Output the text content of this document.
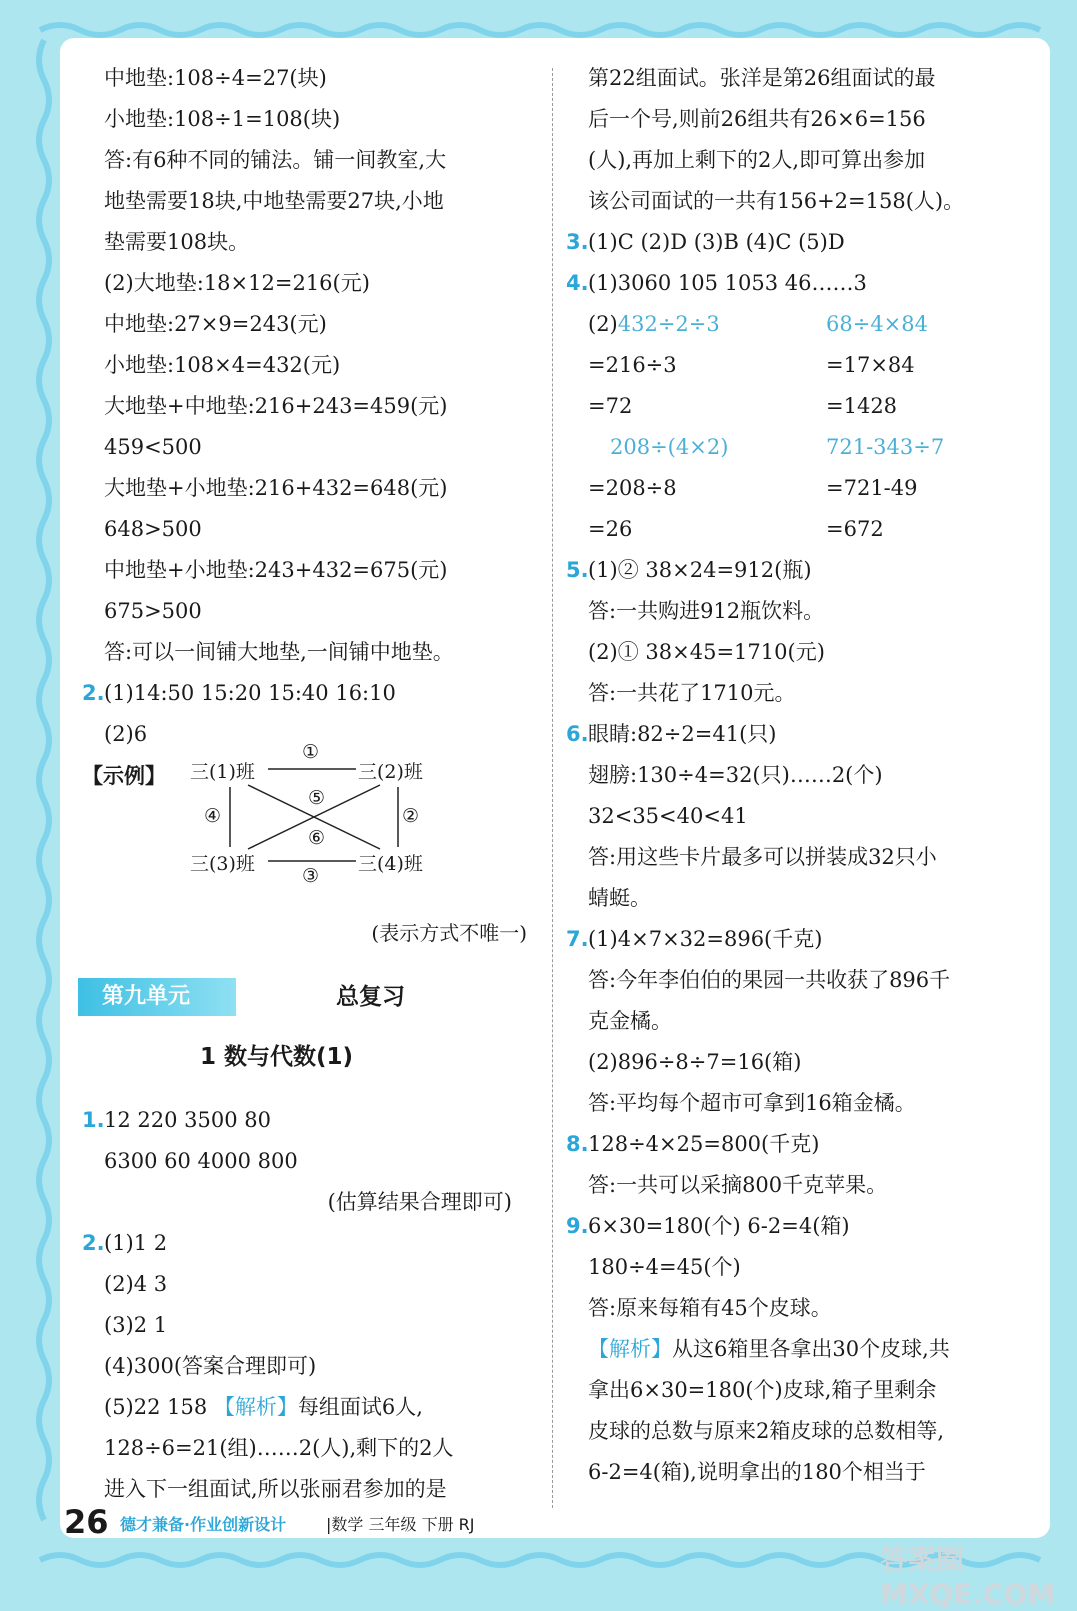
中地垫:108÷4=27(块)
小地垫:108÷1=108(块)
答:有6种不同的铺法。铺一间教室,大
地垫需要18块,中地垫需要27块,小地
垫需要108块。
(2)大地垫:18×12=216(元)
中地垫:27×9=243(元)
小地垫:108×4=432(元)
大地垫+中地垫:216+243=459(元)
459<500
大地垫+小地垫:216+432=648(元)
648>500
中地垫+小地垫:243+432=675(元)
675>500
答:可以一间铺大地垫,一间铺中地垫。
2.(1)14:50 15:20 15:40 16:10
(2)6
【示例】	三(1)班	三(2)班
三(3)班	三(4)班
①
②
③
④
⑤
⑥
(表示方式不唯一)
第九单元	总复习
1 数与代数(1)
1.12 220 3500 80
6300 60 4000 800
(估算结果合理即可)
2.(1)1 2
(2)4 3
(3)2 1
(4)300(答案合理即可)
(5)22 158 【解析】每组面试6人,
128÷6=21(组)……2(人),剩下的2人
进入下一组面试,所以张丽君参加的是
第22组面试。张洋是第26组面试的最
后一个号,则前26组共有26×6=156
(人),再加上剩下的2人,即可算出参加
该公司面试的一共有156+2=158(人)。
3.(1)C (2)D (3)B (4)C (5)D
4.(1)3060 105 1053 46……3
(2)432÷2÷3	68÷4×84
=216÷3	=17×84
=72	=1428
208÷(4×2)	721-343÷7
=208÷8	=721-49
=26	=672
5.(1)② 38×24=912(瓶)
答:一共购进912瓶饮料。
(2)① 38×45=1710(元)
答:一共花了1710元。
6.眼睛:82÷2=41(只)
翅膀:130÷4=32(只)……2(个)
32<35<40<41
答:用这些卡片最多可以拼装成32只小
蜻蜓。
7.(1)4×7×32=896(千克)
答:今年李伯伯的果园一共收获了896千
克金橘。
(2)896÷8÷7=16(箱)
答:平均每个超市可拿到16箱金橘。
8.128÷4×25=800(千克)
答:一共可以采摘800千克苹果。
9.6×30=180(个) 6-2=4(箱)
180÷4=45(个)
答:原来每箱有45个皮球。
【解析】从这6箱里各拿出30个皮球,共
拿出6×30=180(个)皮球,箱子里剩余
皮球的总数与原来2箱皮球的总数相等,
6-2=4(箱),说明拿出的180个相当于
26 德才兼备·作业创新设计 |数学 三年级 下册 RJ
答案圈 MXQE.COM
